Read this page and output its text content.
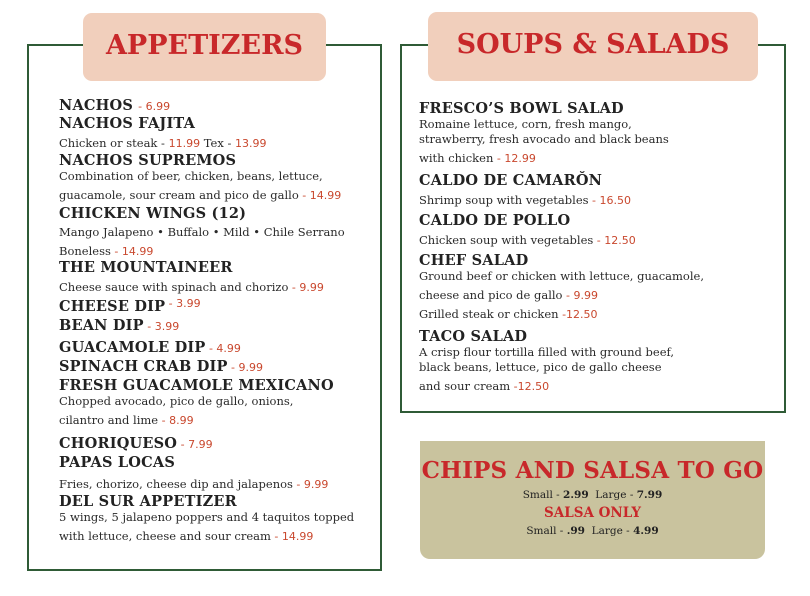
APPETIZERS
NACHOS - 6.99
NACHOS FAJITA
Chicken or steak - 11.99 Tex - 13.99
NACHOS SUPREMOS
Combination of beer, chicken, beans, lettuce,
guacamole, sour cream and pico de gallo - 14.99
CHICKEN WINGS (12)
Mango Jalapeno • Buffalo • Mild • Chile Serrano
Boneless - 14.99
THE MOUNTAINEER
Cheese sauce with spinach and chorizo - 9.99
CHEESE DIP $^{- 3.99}$
BEAN DIP - 3.99
GUACAMOLE DIP - 4.99
SPINACH CRAB DIP - 9.99
FRESH GUACAMOLE MEXICANO
Chopped avocado, pico de gallo, onions,
cilantro and lime - 8.99
CHORIQUESO - 7.99
PAPAS LOCAS
Fries, chorizo, cheese dip and jalapenos - 9.99
DEL SUR APPETIZER
5 wings, 5 jalapeno poppers and 4 taquitos topped
with lettuce, cheese and sour cream - 14.99
SOUPS & SALADS
FRESCO’S BOWL SALAD
Romaine lettuce, corn, fresh mango,
strawberry, fresh avocado and black beans
with chicken - 12.99
CALDO DE CAMARŎN
Shrimp soup with vegetables - 16.50
CALDO DE POLLO
Chicken soup with vegetables - 12.50
CHEF SALAD
Ground beef or chicken with lettuce, guacamole,
cheese and pico de gallo - 9.99
Grilled steak or chicken -12.50
TACO SALAD
A crisp flour tortilla filled with ground beef,
black beans, lettuce, pico de gallo cheese
and sour cream -12.50
CHIPS AND SALSA TO GO
Small - 2.99  Large - 7.99
SALSA ONLY
Small - .99  Large - 4.99
